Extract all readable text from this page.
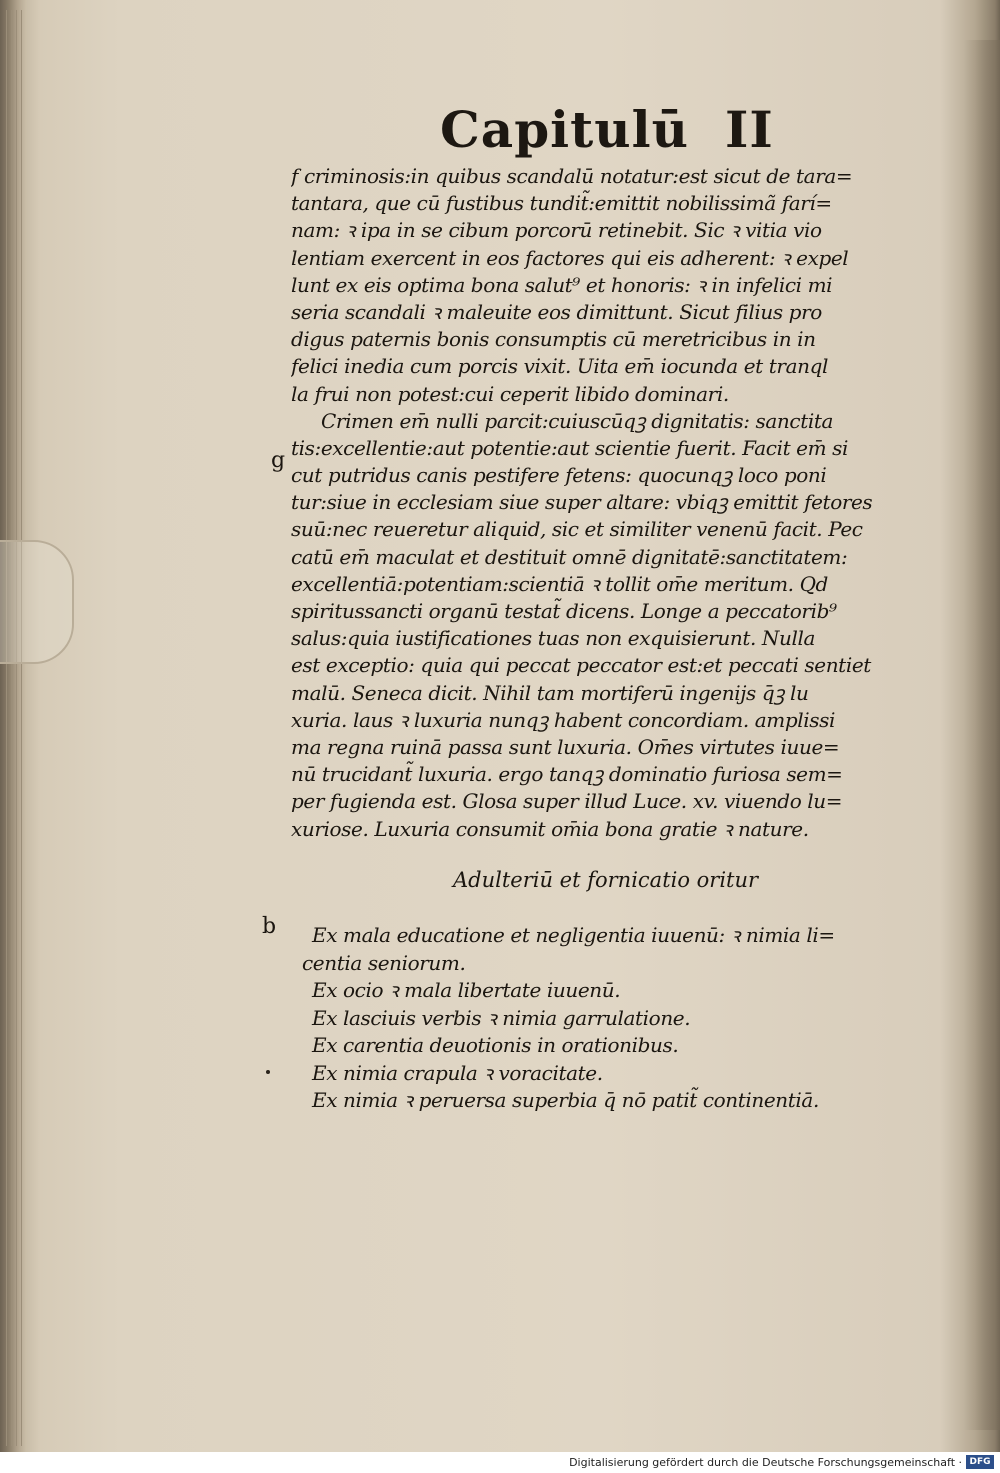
Capitulū II
f criminosis:in quibus scandalū notatur:est sicut de tara=
tantara, que cū fustibus tundit̃:emittit nobilissimã farí=
nam: ꝛ ipa in se cibum porcorū retinebit. Sic ꝛ vitia vio
lentiam exercent in eos factores qui eis adherent: ꝛ expel
lunt ex eis optima bona salut⁹ et honoris: ꝛ in infelici mi
seria scandali ꝛ maleuite eos dimittunt. Sicut filius pro
digus paternis bonis consumptis cū meretricibus in in
felici inedia cum porcis vixit. Uita em̄ iocunda et tranql
la frui non potest:cui ceperit libido dominari.
Crimen em̄ nulli parcit:cuiuscūqꝫ dignitatis: sanctita
tis:excellentie:aut potentie:aut scientie fuerit. Facit em̄ si
cut putridus canis pestifere fetens: quocunqꝫ loco poni
tur:siue in ecclesiam siue super altare: vbiqꝫ emittit fetores
suū:nec reueretur aliquid, sic et similiter venenū facit. Pec
catū em̄ maculat et destituit omnē dignitatē:sanctitatem:
excellentiā:potentiam:scientiā ꝛ tollit om̄e meritum. Qd
spiritussancti organū testat̃ dicens. Longe a peccatorib⁹
salus:quia iustificationes tuas non exquisierunt. Nulla
est exceptio: quia qui peccat peccator est:et peccati sentiet
malū. Seneca dicit. Nihil tam mortiferū ingenijs q̄ꝫ lu
xuria. laus ꝛ luxuria nunqꝫ habent concordiam. amplissi
ma regna ruinā passa sunt luxuria. Om̄es virtutes iuue=
nū trucidant̃ luxuria. ergo tanqꝫ dominatio furiosa sem=
per fugienda est. Glosa super illud Luce. xv. viuendo lu=
xuriose. Luxuria consumit om̄ia bona gratie ꝛ nature.
g
Adulteriū et fornicatio oritur
b Ex mala educatione et negligentia iuuenū: ꝛ nimia li=
centia seniorum.
Ex ocio ꝛ mala libertate iuuenū.
Ex lasciuis verbis ꝛ nimia garrulatione.
Ex carentia deuotionis in orationibus.
Ex nimia crapula ꝛ voracitate.
Ex nimia ꝛ peruersa superbia q̄ nō patit̃ continentiā.
Digitalisierung gefördert durch die Deutsche Forschungsgemeinschaft · DFG
